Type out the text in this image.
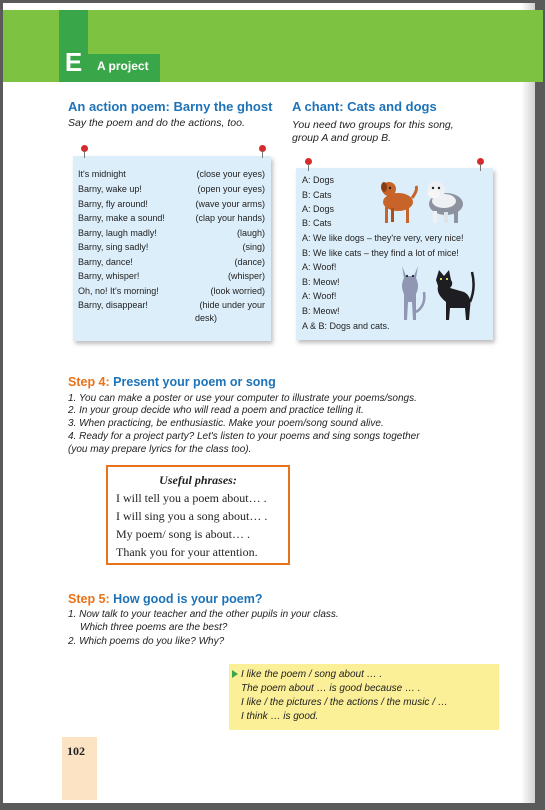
E A project
An action poem: Barny the ghost
Say the poem and do the actions, too.
It's midnight
Barny, wake up!
Barny, fly around!
Barny, make a sound!
Barny, laugh madly!
Barny, sing sadly!
Barny, dance!
Barny, whisper!
Oh, no! It's morning!
Barny, disappear!
(close your eyes)
(open your eyes)
(wave your arms)
(clap your hands)
(laugh)
(sing)
(dance)
(whisper)
(look worried)
(hide under your
desk)
A chant: Cats and dogs
You need two groups for this song,
group A and group B.
A: Dogs
B: Cats
A: Dogs
B: Cats
A: We like dogs – they're very, very nice!
B: We like cats – they find a lot of mice!
A: Woof!
B: Meow!
A: Woof!
B: Meow!
A & B: Dogs and cats.
Step 4: Present your poem or song
1. You can make a poster or use your computer to illustrate your poems/songs.
2. In your group decide who will read a poem and practice telling it.
3. When practicing, be enthusiastic. Make your poem/song sound alive.
4. Ready for a project party? Let's listen to your poems and sing songs together
(you may prepare lyrics for the class too).
Useful phrases:
I will tell you a poem about… .
I will sing you a song about… .
My poem/ song is about… .
Thank you for your attention.
Step 5: How good is your poem?
1. Now talk to your teacher and the other pupils in your class.
Which three poems are the best?
2. Which poems do you like? Why?
I like the poem / song about … .
The poem about … is good because … .
I like / the pictures / the actions / the music / …
I think … is good.
102
